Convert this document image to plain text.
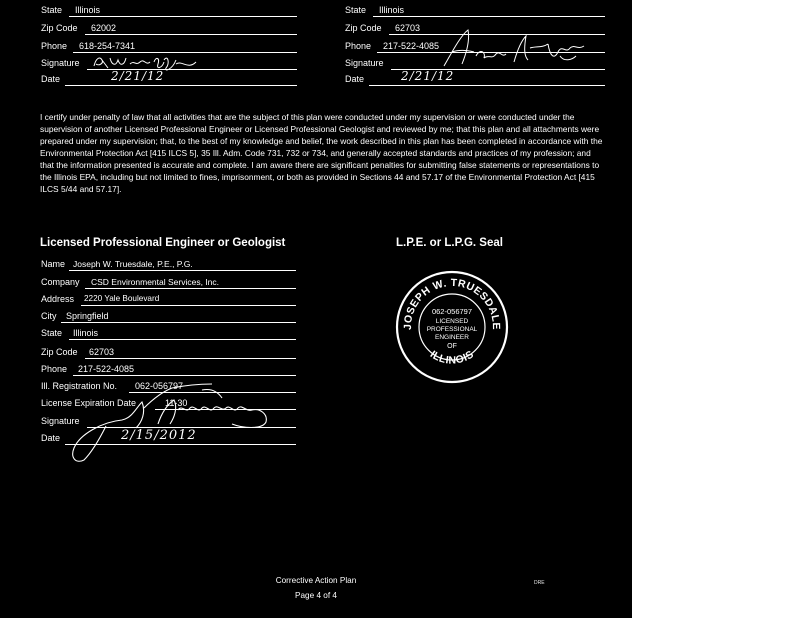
State Illinois
Zip Code 62002
Phone 618-254-7341
Signature
Date	2/21/12
State Illinois
Zip Code 62703
Phone 217-522-4085
Signature
Date	2/21/12
I certify under penalty of law that all activities that are the subject of this plan were conducted under my supervision or were conducted under the supervision of another Licensed Professional Engineer or Licensed Professional Geologist and reviewed by me; that this plan and all attachments were prepared under my supervision; that, to the best of my knowledge and belief, the work described in this plan has been completed in accordance with the Environmental Protection Act [415 ILCS 5], 35 Ill. Adm. Code 731, 732 or 734, and generally accepted standards and practices of my profession; and that the information presented is accurate and complete. I am aware there are significant penalties for submitting false statements or representations to the Illinois EPA, including but not limited to fines, imprisonment, or both as provided in Sections 44 and 57.17 of the Environmental Protection Act [415 ILCS 5/44 and 57.17].
Licensed Professional Engineer or Geologist
Name Joseph W. Truesdale, P.E., P.G.
Company CSD Environmental Services, Inc.
Address 2220 Yale Boulevard
City Springfield
State Illinois
Zip Code 62703
Phone 217-522-4085
Ill. Registration No. 062-056797
License Expiration Date	11-30
Signature
Date	2/15/2012
L.P.E. or L.P.G. Seal
JOSEPH W. TRUESDALE
ILLINOIS
062-056797
LICENSED
PROFESSIONAL
ENGINEER
OF
Corrective Action Plan
Page 4 of 4
DRE
